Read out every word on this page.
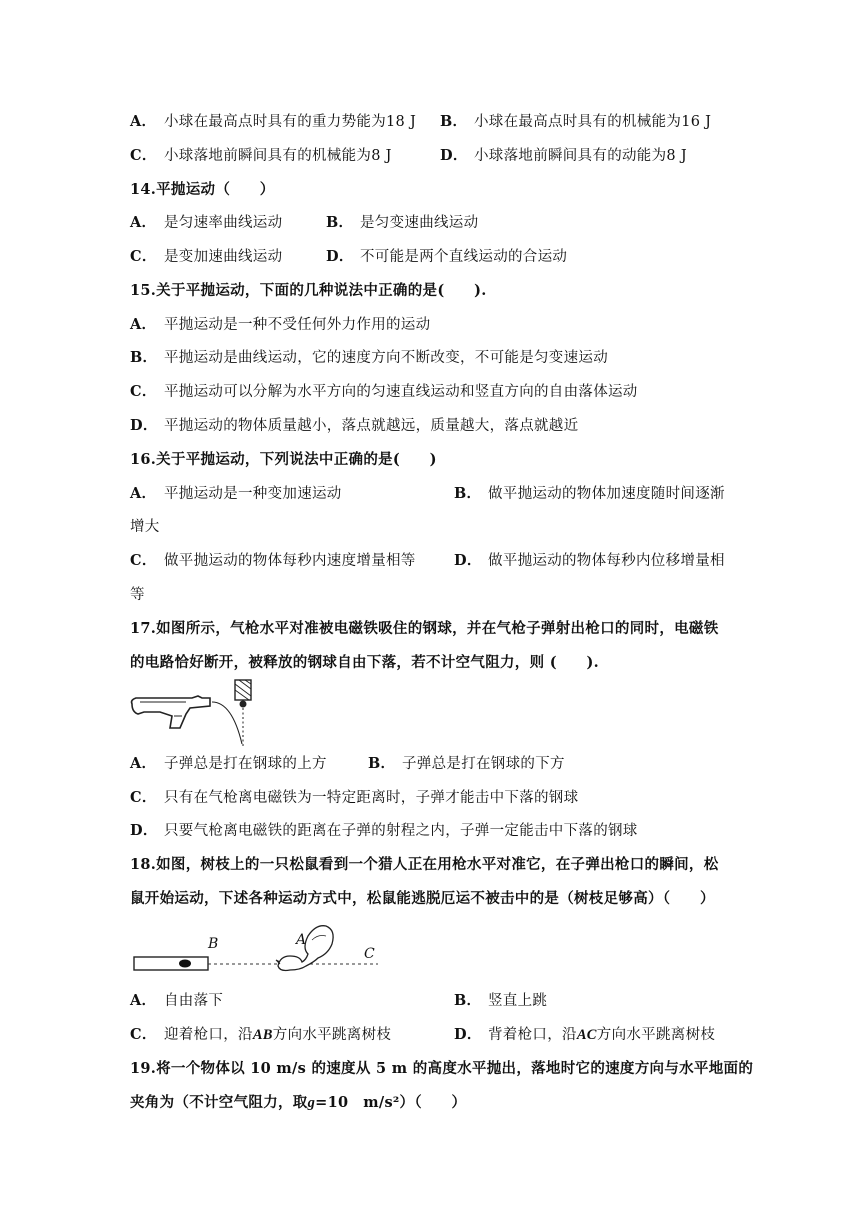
A． 小球在最高点时具有的重力势能为18 J B． 小球在最高点时具有的机械能为16 J
C． 小球落地前瞬间具有的机械能为8 J	D． 小球落地前瞬间具有的动能为8 J
14.平抛运动（　　）
A． 是匀速率曲线运动	B． 是匀变速曲线运动
C． 是变加速曲线运动	D． 不可能是两个直线运动的合运动
15.关于平抛运动，下面的几种说法中正确的是(　　).
A． 平抛运动是一种不受任何外力作用的运动
B． 平抛运动是曲线运动，它的速度方向不断改变，不可能是匀变速运动
C． 平抛运动可以分解为水平方向的匀速直线运动和竖直方向的自由落体运动
D． 平抛运动的物体质量越小，落点就越远，质量越大，落点就越近
16.关于平抛运动，下列说法中正确的是(　　)
A． 平抛运动是一种变加速运动	B． 做平抛运动的物体加速度随时间逐渐
增大
C． 做平抛运动的物体每秒内速度增量相等	D． 做平抛运动的物体每秒内位移增量相
等
17.如图所示，气枪水平对准被电磁铁吸住的钢球，并在气枪子弹射出枪口的同时，电磁铁
的电路恰好断开，被释放的钢球自由下落，若不计空气阻力，则 (　　).
A． 子弹总是打在钢球的上方	B． 子弹总是打在钢球的下方
C． 只有在气枪离电磁铁为一特定距离时，子弹才能击中下落的钢球
D． 只要气枪离电磁铁的距离在子弹的射程之内，子弹一定能击中下落的钢球
18.如图，树枝上的一只松鼠看到一个猎人正在用枪水平对准它，在子弹出枪口的瞬间，松
鼠开始运动，下述各种运动方式中，松鼠能逃脱厄运不被击中的是（树枝足够高）（　　）
B	A
C
A． 自由落下	B． 竖直上跳
C． 迎着枪口，沿AB方向水平跳离树枝	D． 背着枪口，沿AC方向水平跳离树枝
19.将一个物体以 10 m/s 的速度从 5 m 的高度水平抛出，落地时它的速度方向与水平地面的
夹角为（不计空气阻力，取g=10　m/s²）（　　）
